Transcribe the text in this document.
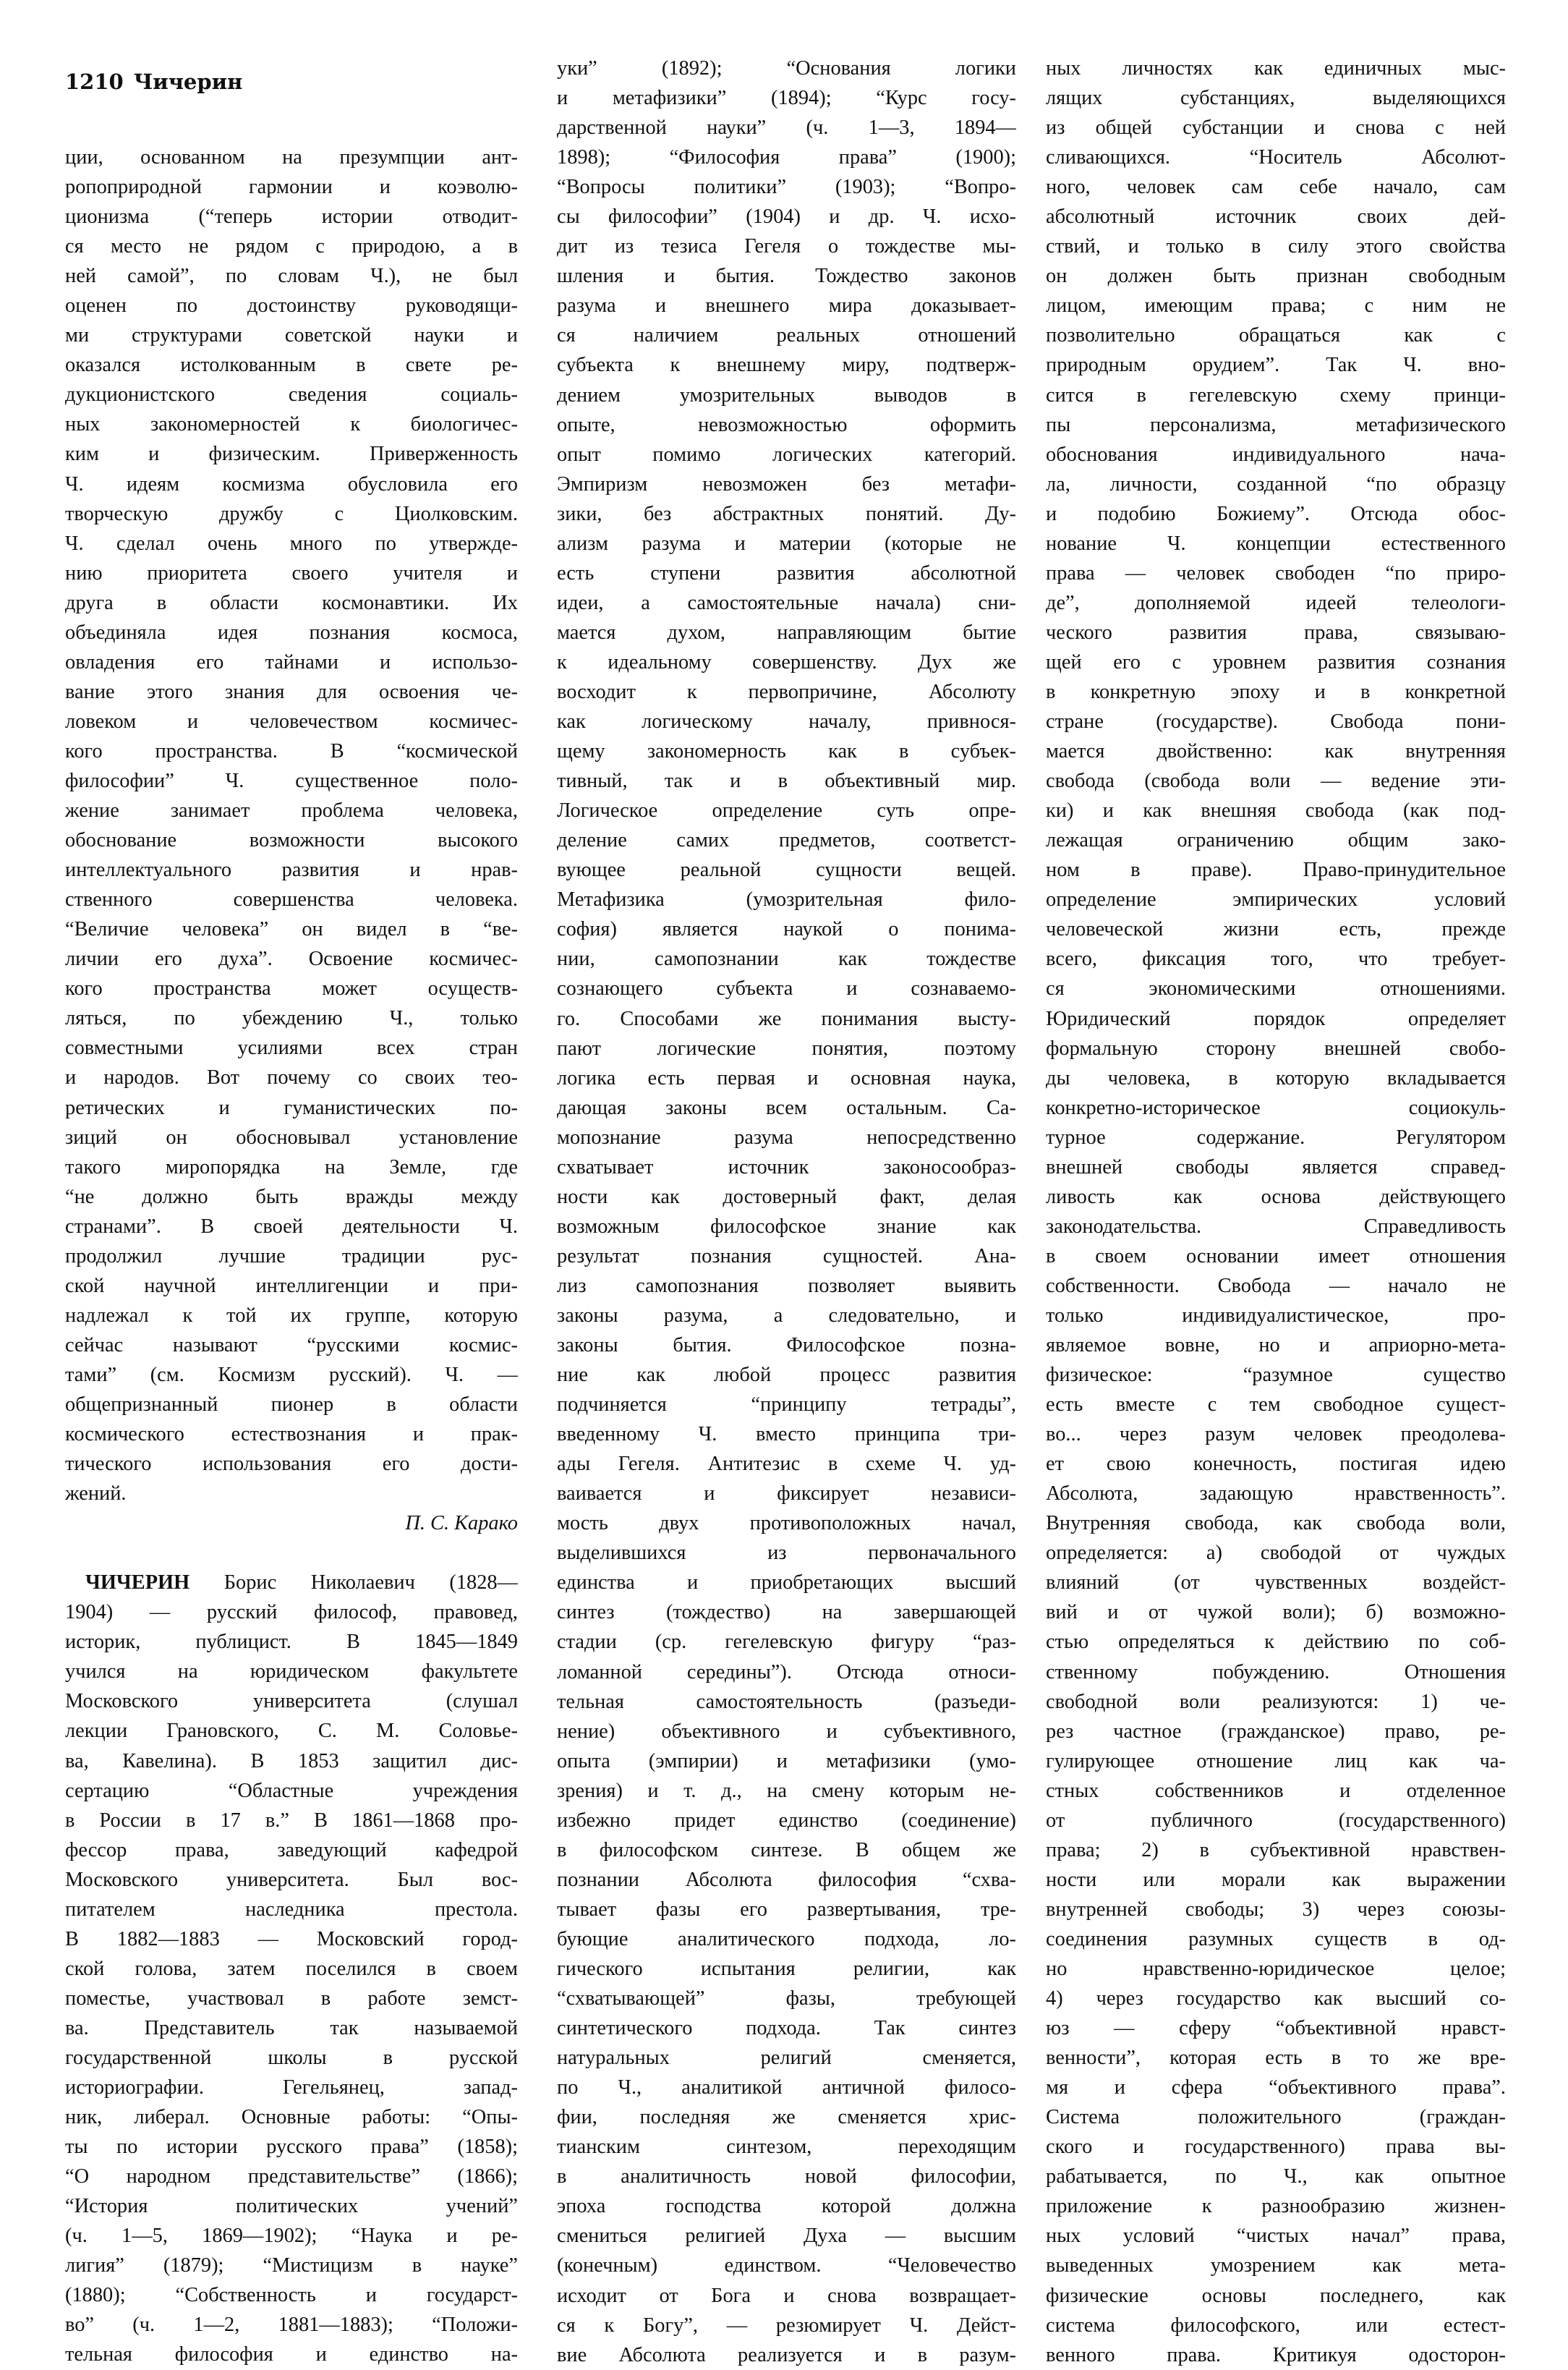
1210 Чичерин
ции, основанном на презумпции ант-
ропоприродной гармонии и коэволю-
ционизма (“теперь истории отводит-
ся место не рядом с природою, а в
ней самой”, по словам Ч.), не был
оценен по достоинству руководящи-
ми структурами советской науки и
оказался истолкованным в свете ре-
дукционистского сведения социаль-
ных закономерностей к биологичес-
ким и физическим. Приверженность
Ч. идеям космизма обусловила его
творческую дружбу с Циолковским.
Ч. сделал очень много по утвержде-
нию приоритета своего учителя и
друга в области космонавтики. Их
объединяла идея познания космоса,
овладения его тайнами и использо-
вание этого знания для освоения че-
ловеком и человечеством космичес-
кого пространства. В “космической
философии” Ч. существенное поло-
жение занимает проблема человека,
обоснование возможности высокого
интеллектуального развития и нрав-
ственного совершенства человека.
“Величие человека” он видел в “ве-
личии его духа”. Освоение космичес-
кого пространства может осуществ-
ляться, по убеждению Ч., только
совместными усилиями всех стран
и народов. Вот почему со своих тео-
ретических и гуманистических по-
зиций он обосновывал установление
такого миропорядка на Земле, где
“не должно быть вражды между
странами”. В своей деятельности Ч.
продолжил лучшие традиции рус-
ской научной интеллигенции и при-
надлежал к той их группе, которую
сейчас называют “русскими космис-
тами” (см. Космизм русский). Ч. —
общепризнанный пионер в области
космического естествознания и прак-
тического использования его дости-
жений.
П. С. Карако
ЧИЧЕРИН Борис Николаевич (1828—
1904) — русский философ, правовед,
историк, публицист. В 1845—1849
учился на юридическом факультете
Московского университета (слушал
лекции Грановского, С. М. Соловье-
ва, Кавелина). В 1853 защитил дис-
сертацию “Областные учреждения
в России в 17 в.” В 1861—1868 про-
фессор права, заведующий кафедрой
Московского университета. Был вос-
питателем наследника престола.
В 1882—1883 — Московский город-
ской голова, затем поселился в своем
поместье, участвовал в работе земст-
ва. Представитель так называемой
государственной школы в русской
историографии. Гегельянец, запад-
ник, либерал. Основные работы: “Опы-
ты по истории русского права” (1858);
“О народном представительстве” (1866);
“История политических учений”
(ч. 1—5, 1869—1902); “Наука и ре-
лигия” (1879); “Мистицизм в науке”
(1880); “Собственность и государст-
во” (ч. 1—2, 1881—1883); “Положи-
тельная философия и единство на-
уки” (1892); “Основания логики
и метафизики” (1894); “Курс госу-
дарственной науки” (ч. 1—3, 1894—
1898); “Философия права” (1900);
“Вопросы политики” (1903); “Вопро-
сы философии” (1904) и др. Ч. исхо-
дит из тезиса Гегеля о тождестве мы-
шления и бытия. Тождество законов
разума и внешнего мира доказывает-
ся наличием реальных отношений
субъекта к внешнему миру, подтверж-
дением умозрительных выводов в
опыте, невозможностью оформить
опыт помимо логических категорий.
Эмпиризм невозможен без метафи-
зики, без абстрактных понятий. Ду-
ализм разума и материи (которые не
есть ступени развития абсолютной
идеи, а самостоятельные начала) сни-
мается духом, направляющим бытие
к идеальному совершенству. Дух же
восходит к первопричине, Абсолюту
как логическому началу, привнося-
щему закономерность как в субъек-
тивный, так и в объективный мир.
Логическое определение суть опре-
деление самих предметов, соответст-
вующее реальной сущности вещей.
Метафизика (умозрительная фило-
софия) является наукой о понима-
нии, самопознании как тождестве
сознающего субъекта и сознаваемо-
го. Способами же понимания высту-
пают логические понятия, поэтому
логика есть первая и основная наука,
дающая законы всем остальным. Са-
мопознание разума непосредственно
схватывает источник законосообраз-
ности как достоверный факт, делая
возможным философское знание как
результат познания сущностей. Ана-
лиз самопознания позволяет выявить
законы разума, а следовательно, и
законы бытия. Философское позна-
ние как любой процесс развития
подчиняется “принципу тетрады”,
введенному Ч. вместо принципа три-
ады Гегеля. Антитезис в схеме Ч. уд-
ваивается и фиксирует независи-
мость двух противоположных начал,
выделившихся из первоначального
единства и приобретающих высший
синтез (тождество) на завершающей
стадии (ср. гегелевскую фигуру “раз-
ломанной середины”). Отсюда относи-
тельная самостоятельность (разъеди-
нение) объективного и субъективного,
опыта (эмпирии) и метафизики (умо-
зрения) и т. д., на смену которым не-
избежно придет единство (соединение)
в философском синтезе. В общем же
познании Абсолюта философия “схва-
тывает фазы его развертывания, тре-
бующие аналитического подхода, ло-
гического испытания религии, как
“схватывающей” фазы, требующей
синтетического подхода. Так синтез
натуральных религий сменяется,
по Ч., аналитикой античной филосо-
фии, последняя же сменяется хрис-
тианским синтезом, переходящим
в аналитичность новой философии,
эпоха господства которой должна
смениться религией Духа — высшим
(конечным) единством. “Человечество
исходит от Бога и снова возвращает-
ся к Богу”, — резюмирует Ч. Дейст-
вие Абсолюта реализуется и в разум-
ных личностях как единичных мыс-
лящих субстанциях, выделяющихся
из общей субстанции и снова с ней
сливающихся. “Носитель Абсолют-
ного, человек сам себе начало, сам
абсолютный источник своих дей-
ствий, и только в силу этого свойства
он должен быть признан свободным
лицом, имеющим права; с ним не
позволительно обращаться как с
природным орудием”. Так Ч. вно-
сится в гегелевскую схему принци-
пы персонализма, метафизического
обоснования индивидуального нача-
ла, личности, созданной “по образцу
и подобию Божиему”. Отсюда обос-
нование Ч. концепции естественного
права — человек свободен “по приро-
де”, дополняемой идеей телеологи-
ческого развития права, связываю-
щей его с уровнем развития сознания
в конкретную эпоху и в конкретной
стране (государстве). Свобода пони-
мается двойственно: как внутренняя
свобода (свобода воли — ведение эти-
ки) и как внешняя свобода (как под-
лежащая ограничению общим зако-
ном в праве). Право-принудительное
определение эмпирических условий
человеческой жизни есть, прежде
всего, фиксация того, что требует-
ся экономическими отношениями.
Юридический порядок определяет
формальную сторону внешней свобо-
ды человека, в которую вкладывается
конкретно-историческое социокуль-
турное содержание. Регулятором
внешней свободы является справед-
ливость как основа действующего
законодательства. Справедливость
в своем основании имеет отношения
собственности. Свобода — начало не
только индивидуалистическое, про-
являемое вовне, но и априорно-мета-
физическое: “разумное существо
есть вместе с тем свободное сущест-
во... через разум человек преодолева-
ет свою конечность, постигая идею
Абсолюта, задающую нравственность”.
Внутренняя свобода, как свобода воли,
определяется: а) свободой от чуждых
влияний (от чувственных воздейст-
вий и от чужой воли); б) возможно-
стью определяться к действию по соб-
ственному побуждению. Отношения
свободной воли реализуются: 1) че-
рез частное (гражданское) право, ре-
гулирующее отношение лиц как ча-
стных собственников и отделенное
от публичного (государственного)
права; 2) в субъективной нравствен-
ности или морали как выражении
внутренней свободы; 3) через союзы-
соединения разумных существ в од-
но нравственно-юридическое целое;
4) через государство как высший со-
юз — сферу “объективной нравст-
венности”, которая есть в то же вре-
мя и сфера “объективного права”.
Система положительного (граждан-
ского и государственного) права вы-
рабатывается, по Ч., как опытное
приложение к разнообразию жизнен-
ных условий “чистых начал” права,
выведенных умозрением как мета-
физические основы последнего, как
система философского, или естест-
венного права. Критикуя одосторон-
